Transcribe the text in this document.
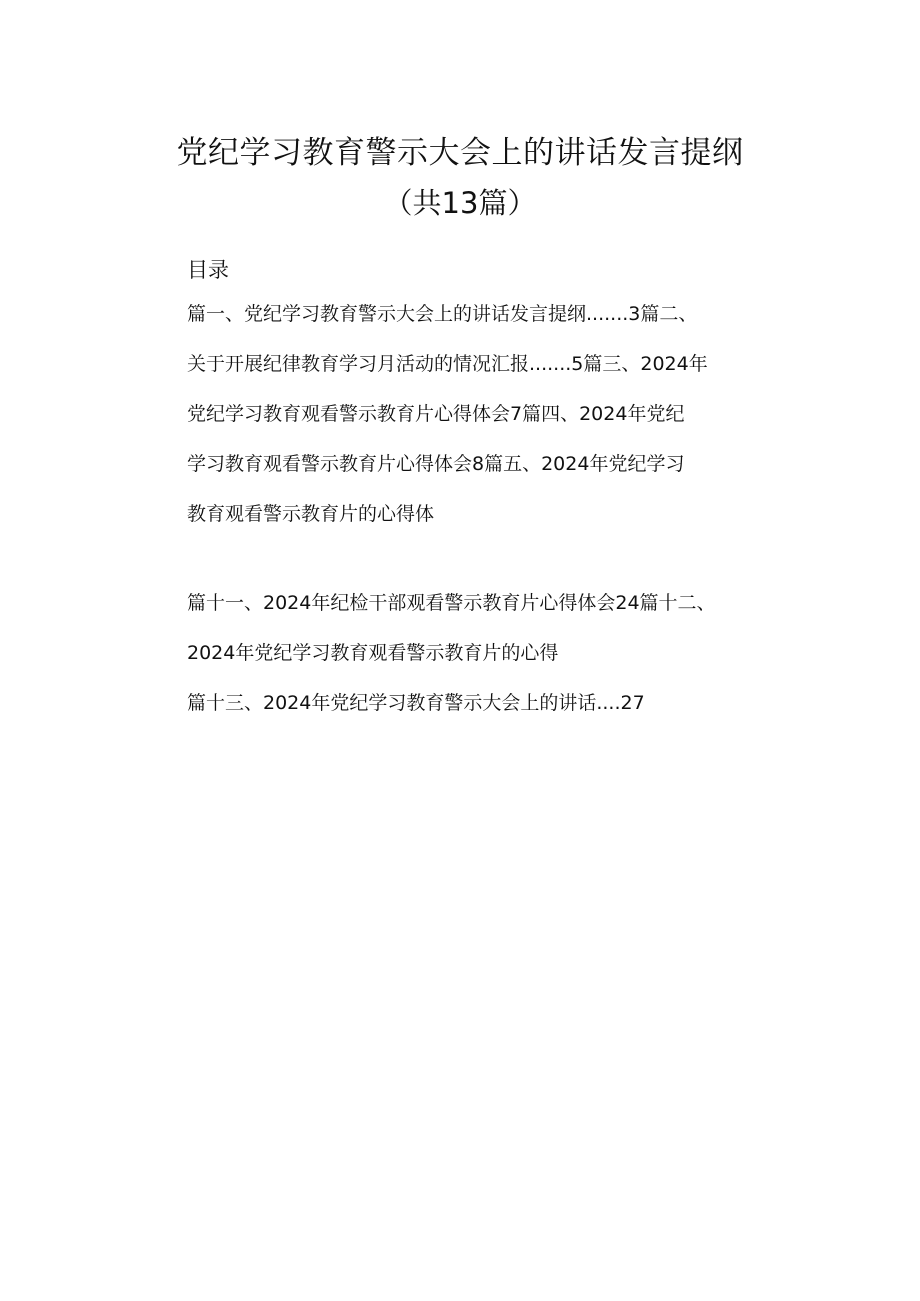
党纪学习教育警示大会上的讲话发言提纲
（共13篇）
目录
篇一、党纪学习教育警示大会上的讲话发言提纲.......3篇二、
关于开展纪律教育学习月活动的情况汇报.......5篇三、2024年
党纪学习教育观看警示教育片心得体会7篇四、2024年党纪
学习教育观看警示教育片心得体会8篇五、2024年党纪学习
教育观看警示教育片的心得体
篇十一、2024年纪检干部观看警示教育片心得体会24篇十二、
2024年党纪学习教育观看警示教育片的心得
篇十三、2024年党纪学习教育警示大会上的讲话....27
